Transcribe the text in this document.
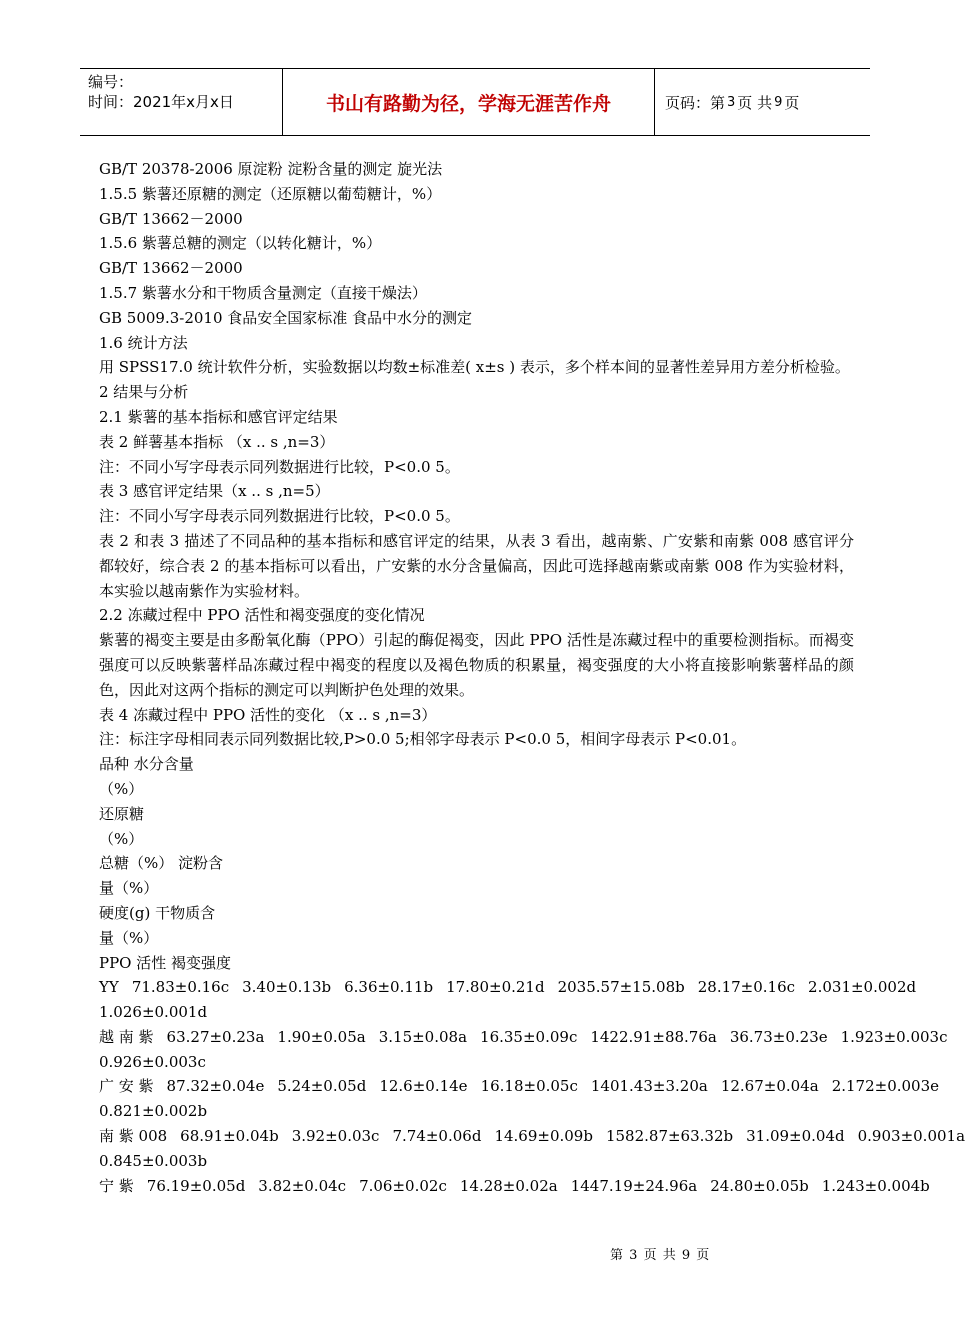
编号：
时间：2021年x月x日	书山有路勤为径，学海无涯苦作舟	页码：第 3 页 共 9 页
GB/T 20378-2006 原淀粉 淀粉含量的测定 旋光法
1.5.5 紫薯还原糖的测定（还原糖以葡萄糖计，%）
GB/T 13662－2000
1.5.6 紫薯总糖的测定（以转化糖计，%）
GB/T 13662－2000
1.5.7 紫薯水分和干物质含量测定（直接干燥法）
GB 5009.3-2010 食品安全国家标准 食品中水分的测定
1.6 统计方法
用 SPSS17.0 统计软件分析，实验数据以均数±标准差( x±s ) 表示，多个样本间的显著性差异用方差分析检验。
2 结果与分析
2.1 紫薯的基本指标和感官评定结果
表 2 鲜薯基本指标 （x .. s ,n=3）
注：不同小写字母表示同列数据进行比较，P<0.0 5。
表 3 感官评定结果（x .. s ,n=5）
注：不同小写字母表示同列数据进行比较，P<0.0 5。
表 2 和表 3 描述了不同品种的基本指标和感官评定的结果，从表 3 看出，越南紫、广安紫和南紫 008 感官评分都较好，综合表 2 的基本指标可以看出，广安紫的水分含量偏高，因此可选择越南紫或南紫 008 作为实验材料，本实验以越南紫作为实验材料。
2.2 冻藏过程中 PPO 活性和褐变强度的变化情况
紫薯的褐变主要是由多酚氧化酶（PPO）引起的酶促褐变，因此 PPO 活性是冻藏过程中的重要检测指标。而褐变强度可以反映紫薯样品冻藏过程中褐变的程度以及褐色物质的积累量，褐变强度的大小将直接影响紫薯样品的颜色，因此对这两个指标的测定可以判断护色处理的效果。
表 4 冻藏过程中 PPO 活性的变化 （x .. s ,n=3）
注：标注字母相同表示同列数据比较,P>0.0 5;相邻字母表示 P<0.0 5，相间字母表示 P<0.01。
品种 水分含量
（%）
还原糖
（%）
总糖（%） 淀粉含
量（%）
硬度(g) 干物质含
量（%）
PPO 活性 褐变强度
YY 71.83±0.16c 3.40±0.13b 6.36±0.11b 17.80±0.21d 2035.57±15.08b 28.17±0.16c 2.031±0.002d
1.026±0.001d
越 南 紫 63.27±0.23a 1.90±0.05a 3.15±0.08a 16.35±0.09c 1422.91±88.76a 36.73±0.23e 1.923±0.003c
0.926±0.003c
广 安 紫 87.32±0.04e 5.24±0.05d 12.6±0.14e 16.18±0.05c 1401.43±3.20a 12.67±0.04a 2.172±0.003e
0.821±0.002b
南 紫 008 68.91±0.04b 3.92±0.03c 7.74±0.06d 14.69±0.09b 1582.87±63.32b 31.09±0.04d 0.903±0.001a
0.845±0.003b
宁 紫 76.19±0.05d 3.82±0.04c 7.06±0.02c 14.28±0.02a 1447.19±24.96a 24.80±0.05b 1.243±0.004b
第 3 页 共 9 页
